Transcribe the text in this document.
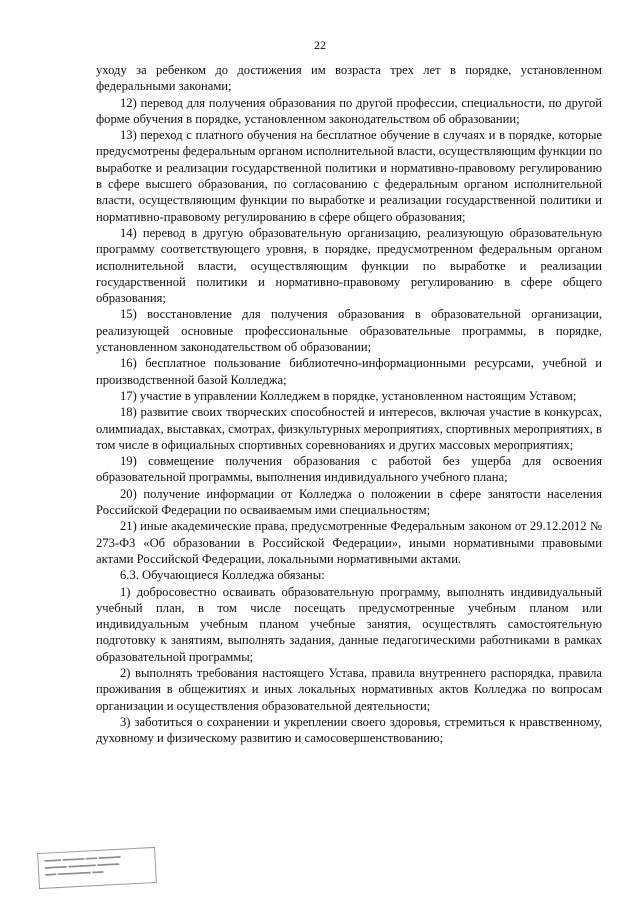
22

уходу за ребенком до достижения им возраста трех лет в порядке, установленном федеральными законами;

12) перевод для получения образования по другой профессии, специальности, по другой форме обучения в порядке, установленном законодательством об образовании;

13) переход с платного обучения на бесплатное обучение в случаях и в порядке, которые предусмотрены федеральным органом исполнительной власти, осуществляющим функции по выработке и реализации государственной политики и нормативно-правовому регулированию в сфере высшего образования, по согласованию с федеральным органом исполнительной власти, осуществляющим функции по выработке и реализации государственной политики и нормативно-правовому регулированию в сфере общего образования;

14) перевод в другую образовательную организацию, реализующую образовательную программу соответствующего уровня, в порядке, предусмотренном федеральным органом исполнительной власти, осуществляющим функции по выработке и реализации государственной политики и нормативно-правовому регулированию в сфере общего образования;

15) восстановление для получения образования в образовательной организации, реализующей основные профессиональные образовательные программы, в порядке, установленном законодательством об образовании;

16) бесплатное пользование библиотечно-информационными ресурсами, учебной и производственной базой Колледжа;

17) участие в управлении Колледжем в порядке, установленном настоящим Уставом;

18) развитие своих творческих способностей и интересов, включая участие в конкурсах, олимпиадах, выставках, смотрах, физкультурных мероприятиях, спортивных мероприятиях, в том числе в официальных спортивных соревнованиях и других массовых мероприятиях;

19) совмещение получения образования с работой без ущерба для освоения образовательной программы, выполнения индивидуального учебного плана;

20) получение информации от Колледжа о положении в сфере занятости населения Российской Федерации по осваиваемым ими специальностям;

21) иные академические права, предусмотренные Федеральным законом от 29.12.2012 № 273-ФЗ «Об образовании в Российской Федерации», иными нормативными правовыми актами Российской Федерации, локальными нормативными актами.

6.3. Обучающиеся Колледжа обязаны:

1) добросовестно осваивать образовательную программу, выполнять индивидуальный учебный план, в том числе посещать предусмотренные учебным планом или индивидуальным учебным планом учебные занятия, осуществлять самостоятельную подготовку к занятиям, выполнять задания, данные педагогическими работниками в рамках образовательной программы;

2) выполнять требования настоящего Устава, правила внутреннего распорядка, правила проживания в общежитиях и иных локальных нормативных актов Колледжа по вопросам организации и осуществления образовательной деятельности;

3) заботиться о сохранении и укреплении своего здоровья, стремиться к нравственному, духовному и физическому развитию и самосовершенствованию;

▬▬▬ ▬▬▬▬ ▬▬ ▬▬▬▬
▬▬▬▬ ▬▬▬▬▬ ▬▬▬▬
▬▬ ▬▬▬▬▬▬ ▬▬
